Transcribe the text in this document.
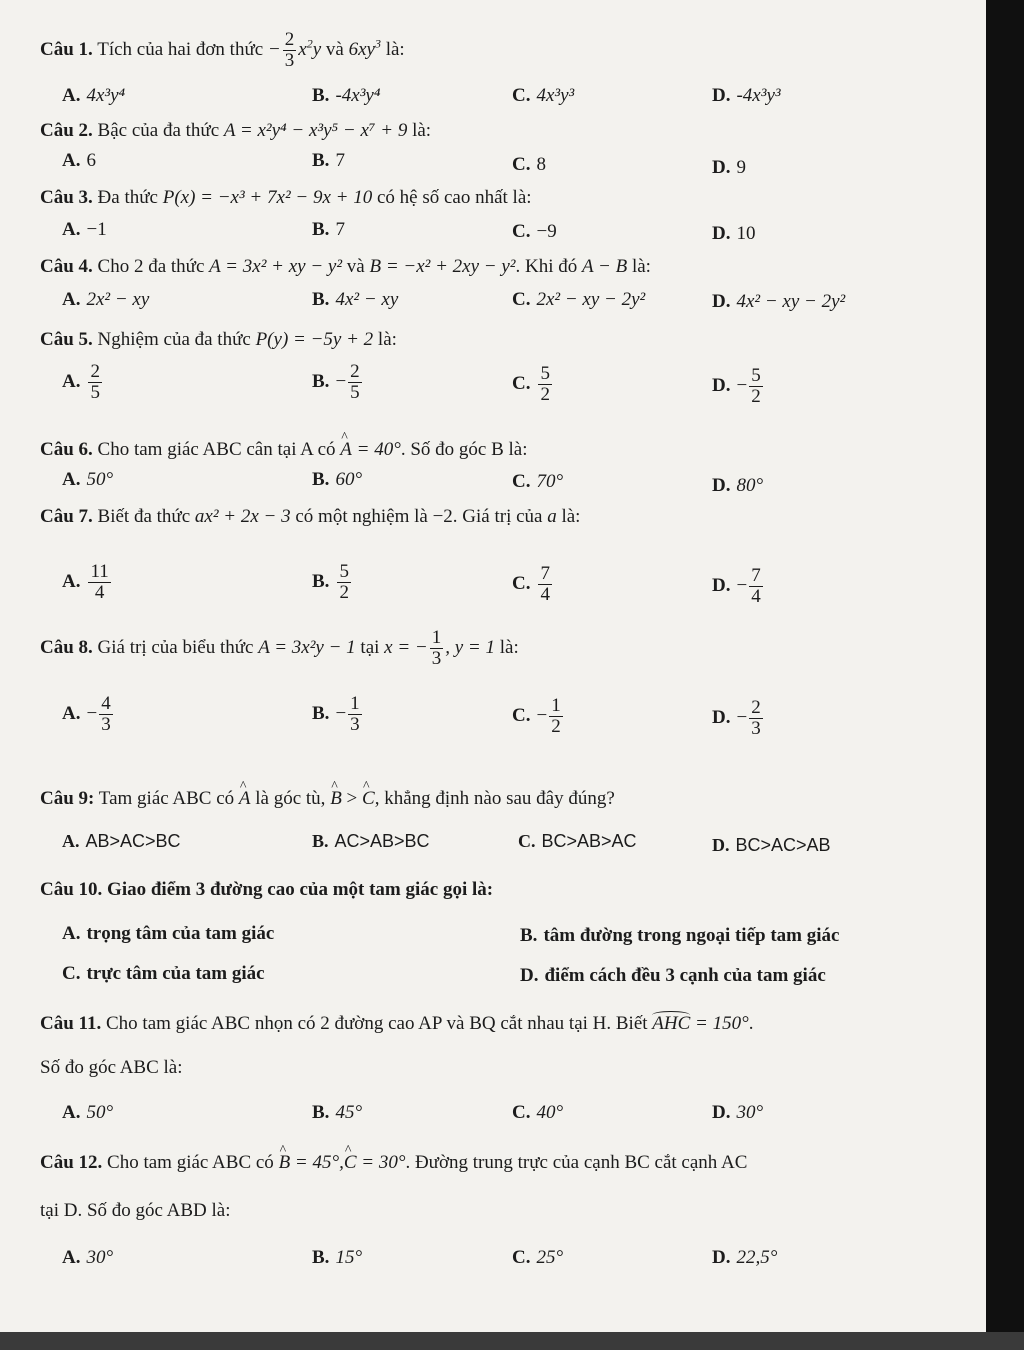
Câu 1. Tích của hai đơn thức − $\frac{2}{3} x^2y$ và $6xy^3$ là:
A. 4x³y⁴	B. -4x³y⁴	C. 4x³y³	D. -4x³y³
Câu 2. Bậc của đa thức A = x²y⁴ − x³y⁵ − x⁷ + 9 là:
A. 6	B. 7	C. 8	D. 9
Câu 3. Đa thức P(x) = −x³ + 7x² − 9x + 10 có hệ số cao nhất là:
A. −1	B. 7	C. −9	D. 10
Câu 4. Cho 2 đa thức A = 3x² + xy − y² và B = −x² + 2xy − y². Khi đó A − B là:
A. 2x² − xy	B. 4x² − xy	C. 2x² − xy − 2y²	D. 4x² − xy − 2y²
Câu 5. Nghiệm của đa thức P(y) = −5y + 2 là:
A. $\frac{2}{5}$	B. − $\frac{2}{5}$	C. $\frac{5}{2}$	D. − $\frac{5}{2}$
Câu 6. Cho tam giác ABC cân tại A có ^ A = 40°. Số đo góc B là:
A. 50°	B. 60°	C. 70°	D. 80°
Câu 7. Biết đa thức ax² + 2x − 3 có một nghiệm là −2. Giá trị của a là:
A. $\frac{11}{4}$	B. $\frac{5}{2}$	C. $\frac{7}{4}$	D. − $\frac{7}{4}$
Câu 8. Giá trị của biểu thức A = 3x²y − 1 tại x = − $\frac{1}{3}$ , y = 1 là:
A. − $\frac{4}{3}$	B. − $\frac{1}{3}$	C. − $\frac{1}{2}$	D. − $\frac{2}{3}$
Câu 9: Tam giác ABC có ^ A là góc tù, ^ B > ^ C, khẳng định nào sau đây đúng?
A. AB>AC>BC	B. AC>AB>BC	C. BC>AB>AC	D. BC>AC>AB
Câu 10. Giao điểm 3 đường cao của một tam giác gọi là:
A. trọng tâm của tam giác	B. tâm đường trong ngoại tiếp tam giác
C. trực tâm của tam giác	D. điểm cách đều 3 cạnh của tam giác
Câu 11. Cho tam giác ABC nhọn có 2 đường cao AP và BQ cắt nhau tại H. Biết AHC = 150°.
Số đo góc ABC là:
A. 50°	B. 45°	C. 40°	D. 30°
Câu 12. Cho tam giác ABC có ^ B = 45°,^ C = 30°. Đường trung trực của cạnh BC cắt cạnh AC
tại D. Số đo góc ABD là:
A. 30°	B. 15°	C. 25°	D. 22,5°
